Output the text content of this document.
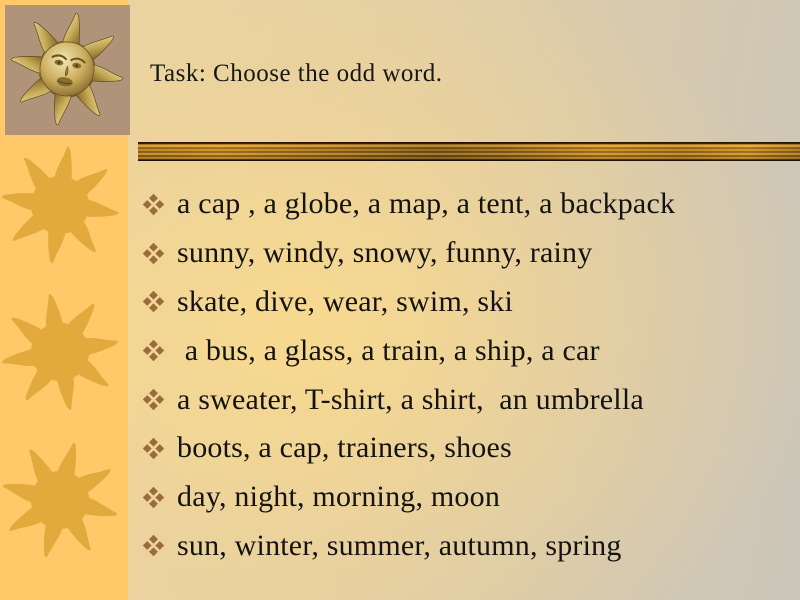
Task: Choose the odd word.
a cap , a globe, a map, a tent, a backpack
sunny, windy, snowy, funny, rainy
skate, dive, wear, swim, ski
a bus, a glass, a train, a ship, a car
a sweater, T-shirt, a shirt,  an umbrella
boots, a cap, trainers, shoes
day, night, morning, moon
sun, winter, summer, autumn, spring
